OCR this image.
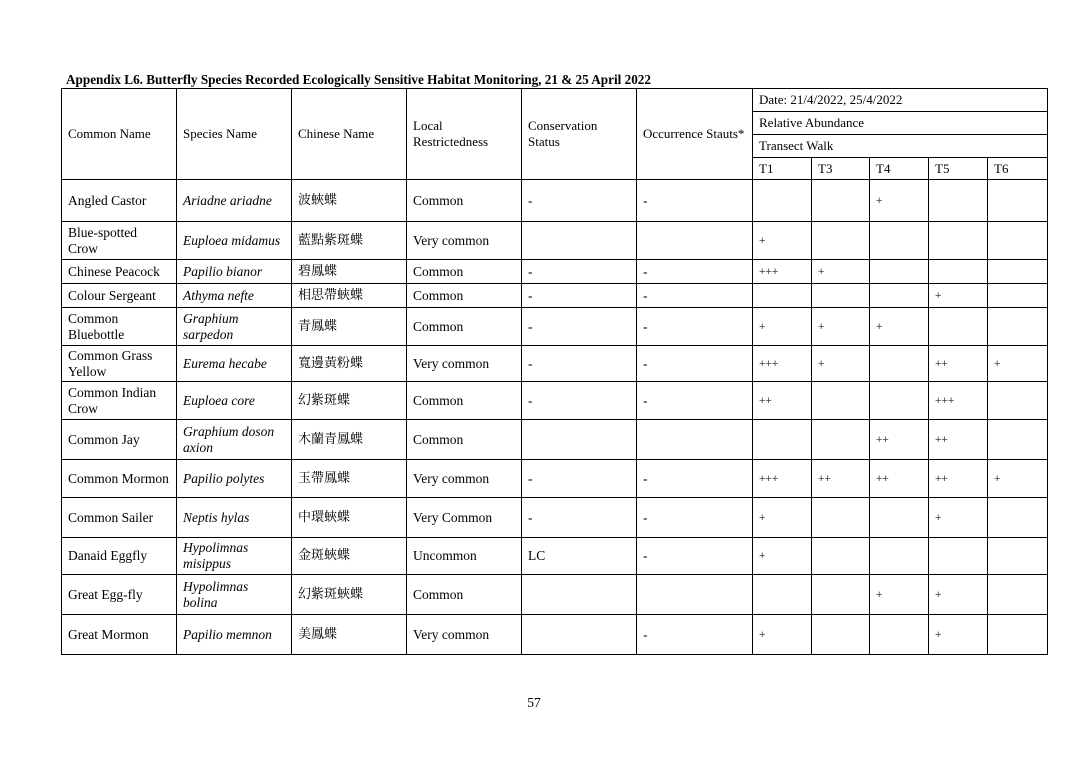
Appendix L6. Butterfly Species Recorded Ecologically Sensitive Habitat Monitoring, 21 & 25 April 2022
Common Name	Species Name	Chinese Name	Local Restrictedness	Conservation Status	Occurrence Stauts*	Date: 21/4/2022, 25/4/2022				
						Relative Abundance				
						Transect Walk				
						T1	T3	T4	T5	T6
Angled Castor	Ariadne ariadne	波蛺蝶	Common	-	-			+		
Blue-spotted Crow	Euploea midamus	藍點紫斑蝶	Very common			+				
Chinese Peacock	Papilio bianor	碧鳳蝶	Common	-	-	+++	+			
Colour Sergeant	Athyma nefte	相思帶蛺蝶	Common	-	-				+	
Common Bluebottle	Graphium sarpedon	青鳳蝶	Common	-	-	+	+	+		
Common Grass Yellow	Eurema hecabe	寬邊黃粉蝶	Very common	-	-	+++	+		++	+
Common Indian Crow	Euploea core	幻紫斑蝶	Common	-	-	++			+++	
Common Jay	Graphium doson axion	木蘭青鳳蝶	Common					++	++	
Common Mormon	Papilio polytes	玉帶鳳蝶	Very common	-	-	+++	++	++	++	+
Common Sailer	Neptis hylas	中環蛺蝶	Very Common	-	-	+			+	
Danaid Eggfly	Hypolimnas misippus	金斑蛺蝶	Uncommon	LC	-	+				
Great Egg-fly	Hypolimnas bolina	幻紫斑蛺蝶	Common					+	+	
Great Mormon	Papilio memnon	美鳳蝶	Very common		-	+			+	
57
